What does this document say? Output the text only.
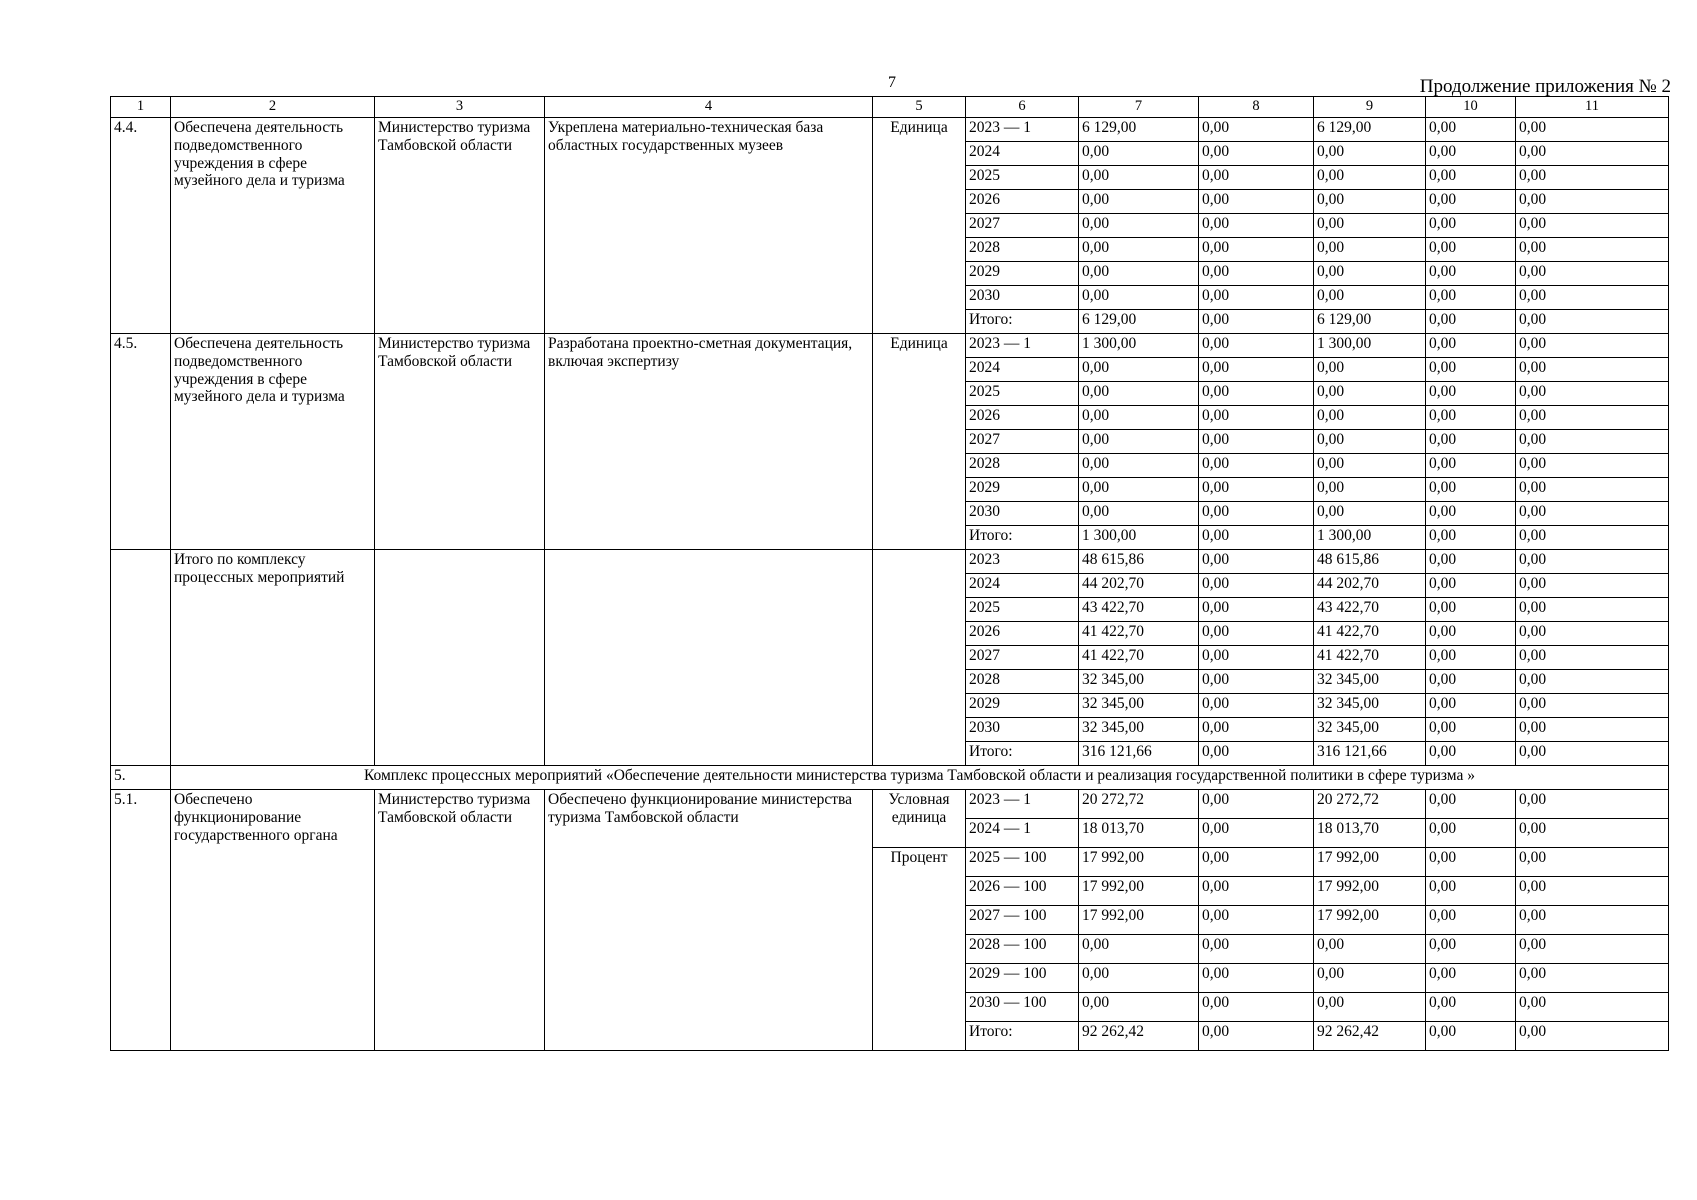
7	Продолжение приложения № 2
1	2	3	4	5	6	7	8	9	10	11
4.4.	Обеспечена деятельность подведомственного учреждения в сфере музейного дела и туризма	Министерство туризма Тамбовской области	Укреплена материально-техническая база областных государственных музеев	Единица	2023 — 1	6 129,00	0,00	6 129,00	0,00	0,00
					2024	0,00	0,00	0,00	0,00	0,00
					2025	0,00	0,00	0,00	0,00	0,00
					2026	0,00	0,00	0,00	0,00	0,00
					2027	0,00	0,00	0,00	0,00	0,00
					2028	0,00	0,00	0,00	0,00	0,00
					2029	0,00	0,00	0,00	0,00	0,00
					2030	0,00	0,00	0,00	0,00	0,00
					Итого:	6 129,00	0,00	6 129,00	0,00	0,00
4.5.	Обеспечена деятельность подведомственного учреждения в сфере музейного дела и туризма	Министерство туризма Тамбовской области	Разработана проектно-сметная документация, включая экспертизу	Единица	2023 — 1	1 300,00	0,00	1 300,00	0,00	0,00
					2024	0,00	0,00	0,00	0,00	0,00
					2025	0,00	0,00	0,00	0,00	0,00
					2026	0,00	0,00	0,00	0,00	0,00
					2027	0,00	0,00	0,00	0,00	0,00
					2028	0,00	0,00	0,00	0,00	0,00
					2029	0,00	0,00	0,00	0,00	0,00
					2030	0,00	0,00	0,00	0,00	0,00
					Итого:	1 300,00	0,00	1 300,00	0,00	0,00
	Итого по комплексу процессных мероприятий				2023	48 615,86	0,00	48 615,86	0,00	0,00
					2024	44 202,70	0,00	44 202,70	0,00	0,00
					2025	43 422,70	0,00	43 422,70	0,00	0,00
					2026	41 422,70	0,00	41 422,70	0,00	0,00
					2027	41 422,70	0,00	41 422,70	0,00	0,00
					2028	32 345,00	0,00	32 345,00	0,00	0,00
					2029	32 345,00	0,00	32 345,00	0,00	0,00
					2030	32 345,00	0,00	32 345,00	0,00	0,00
					Итого:	316 121,66	0,00	316 121,66	0,00	0,00
5.	Комплекс процессных мероприятий «Обеспечение деятельности министерства туризма Тамбовской области и реализация государственной политики в сфере туризма »									
5.1.	Обеспечено функционирование государственного органа	Министерство туризма Тамбовской области	Обеспечено функционирование министерства туризма Тамбовской области	Условная единица	2023 — 1	20 272,72	0,00	20 272,72	0,00	0,00
					2024 — 1	18 013,70	0,00	18 013,70	0,00	0,00
				Процент	2025 — 100	17 992,00	0,00	17 992,00	0,00	0,00
					2026 — 100	17 992,00	0,00	17 992,00	0,00	0,00
					2027 — 100	17 992,00	0,00	17 992,00	0,00	0,00
					2028 — 100	0,00	0,00	0,00	0,00	0,00
					2029 — 100	0,00	0,00	0,00	0,00	0,00
					2030 — 100	0,00	0,00	0,00	0,00	0,00
					Итого:	92 262,42	0,00	92 262,42	0,00	0,00
